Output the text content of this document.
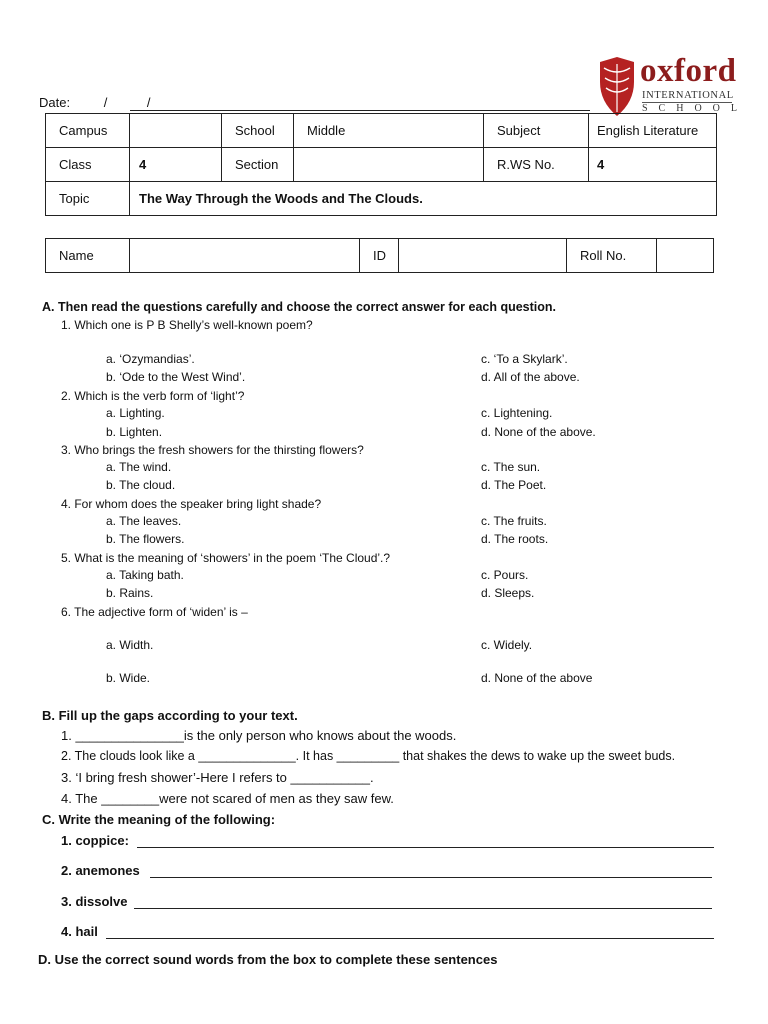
oxford
INTERNATIONAL
SCHOOL
Date:	/ /
Campus		School	Middle	Subject	English Literature
Class	4	Section		R.WS No.	4
Topic	The Way Through the Woods and The Clouds.				
Name		ID		Roll No.	
A. Then read the questions carefully and choose the correct answer for each question.
1. Which one is P B Shelly’s well-known poem?
a. ‘Ozymandias’.
b. ‘Ode to the West Wind’.
c. ‘To a Skylark’.
d. All of the above.
2. Which is the verb form of ‘light’?
a. Lighting.
b. Lighten.
c. Lightening.
d. None of the above.
3. Who brings the fresh showers for the thirsting flowers?
a. The wind.
b. The cloud.
c. The sun.
d. The Poet.
4. For whom does the speaker bring light shade?
a. The leaves.
b. The flowers.
c. The fruits.
d. The roots.
5. What is the meaning of ‘showers’ in the poem ‘The Cloud’.?
a. Taking bath.
b. Rains.
c. Pours.
d. Sleeps.
6. The adjective form of ‘widen’ is –
a. Width.
b. Wide.
c. Widely.
d. None of the above
B. Fill up the gaps according to your text.
1. _______________is the only person who knows about the woods.
2. The clouds look like a ______________. It has _________ that shakes the dews to wake up the sweet buds.
3. ‘I bring fresh shower’-Here I refers to ___________.
4. The ________were not scared of men as they saw few.
C. Write the meaning of the following:
1. coppice:
2. anemones
3. dissolve
4. hail
D. Use the correct sound words from the box to complete these sentences
